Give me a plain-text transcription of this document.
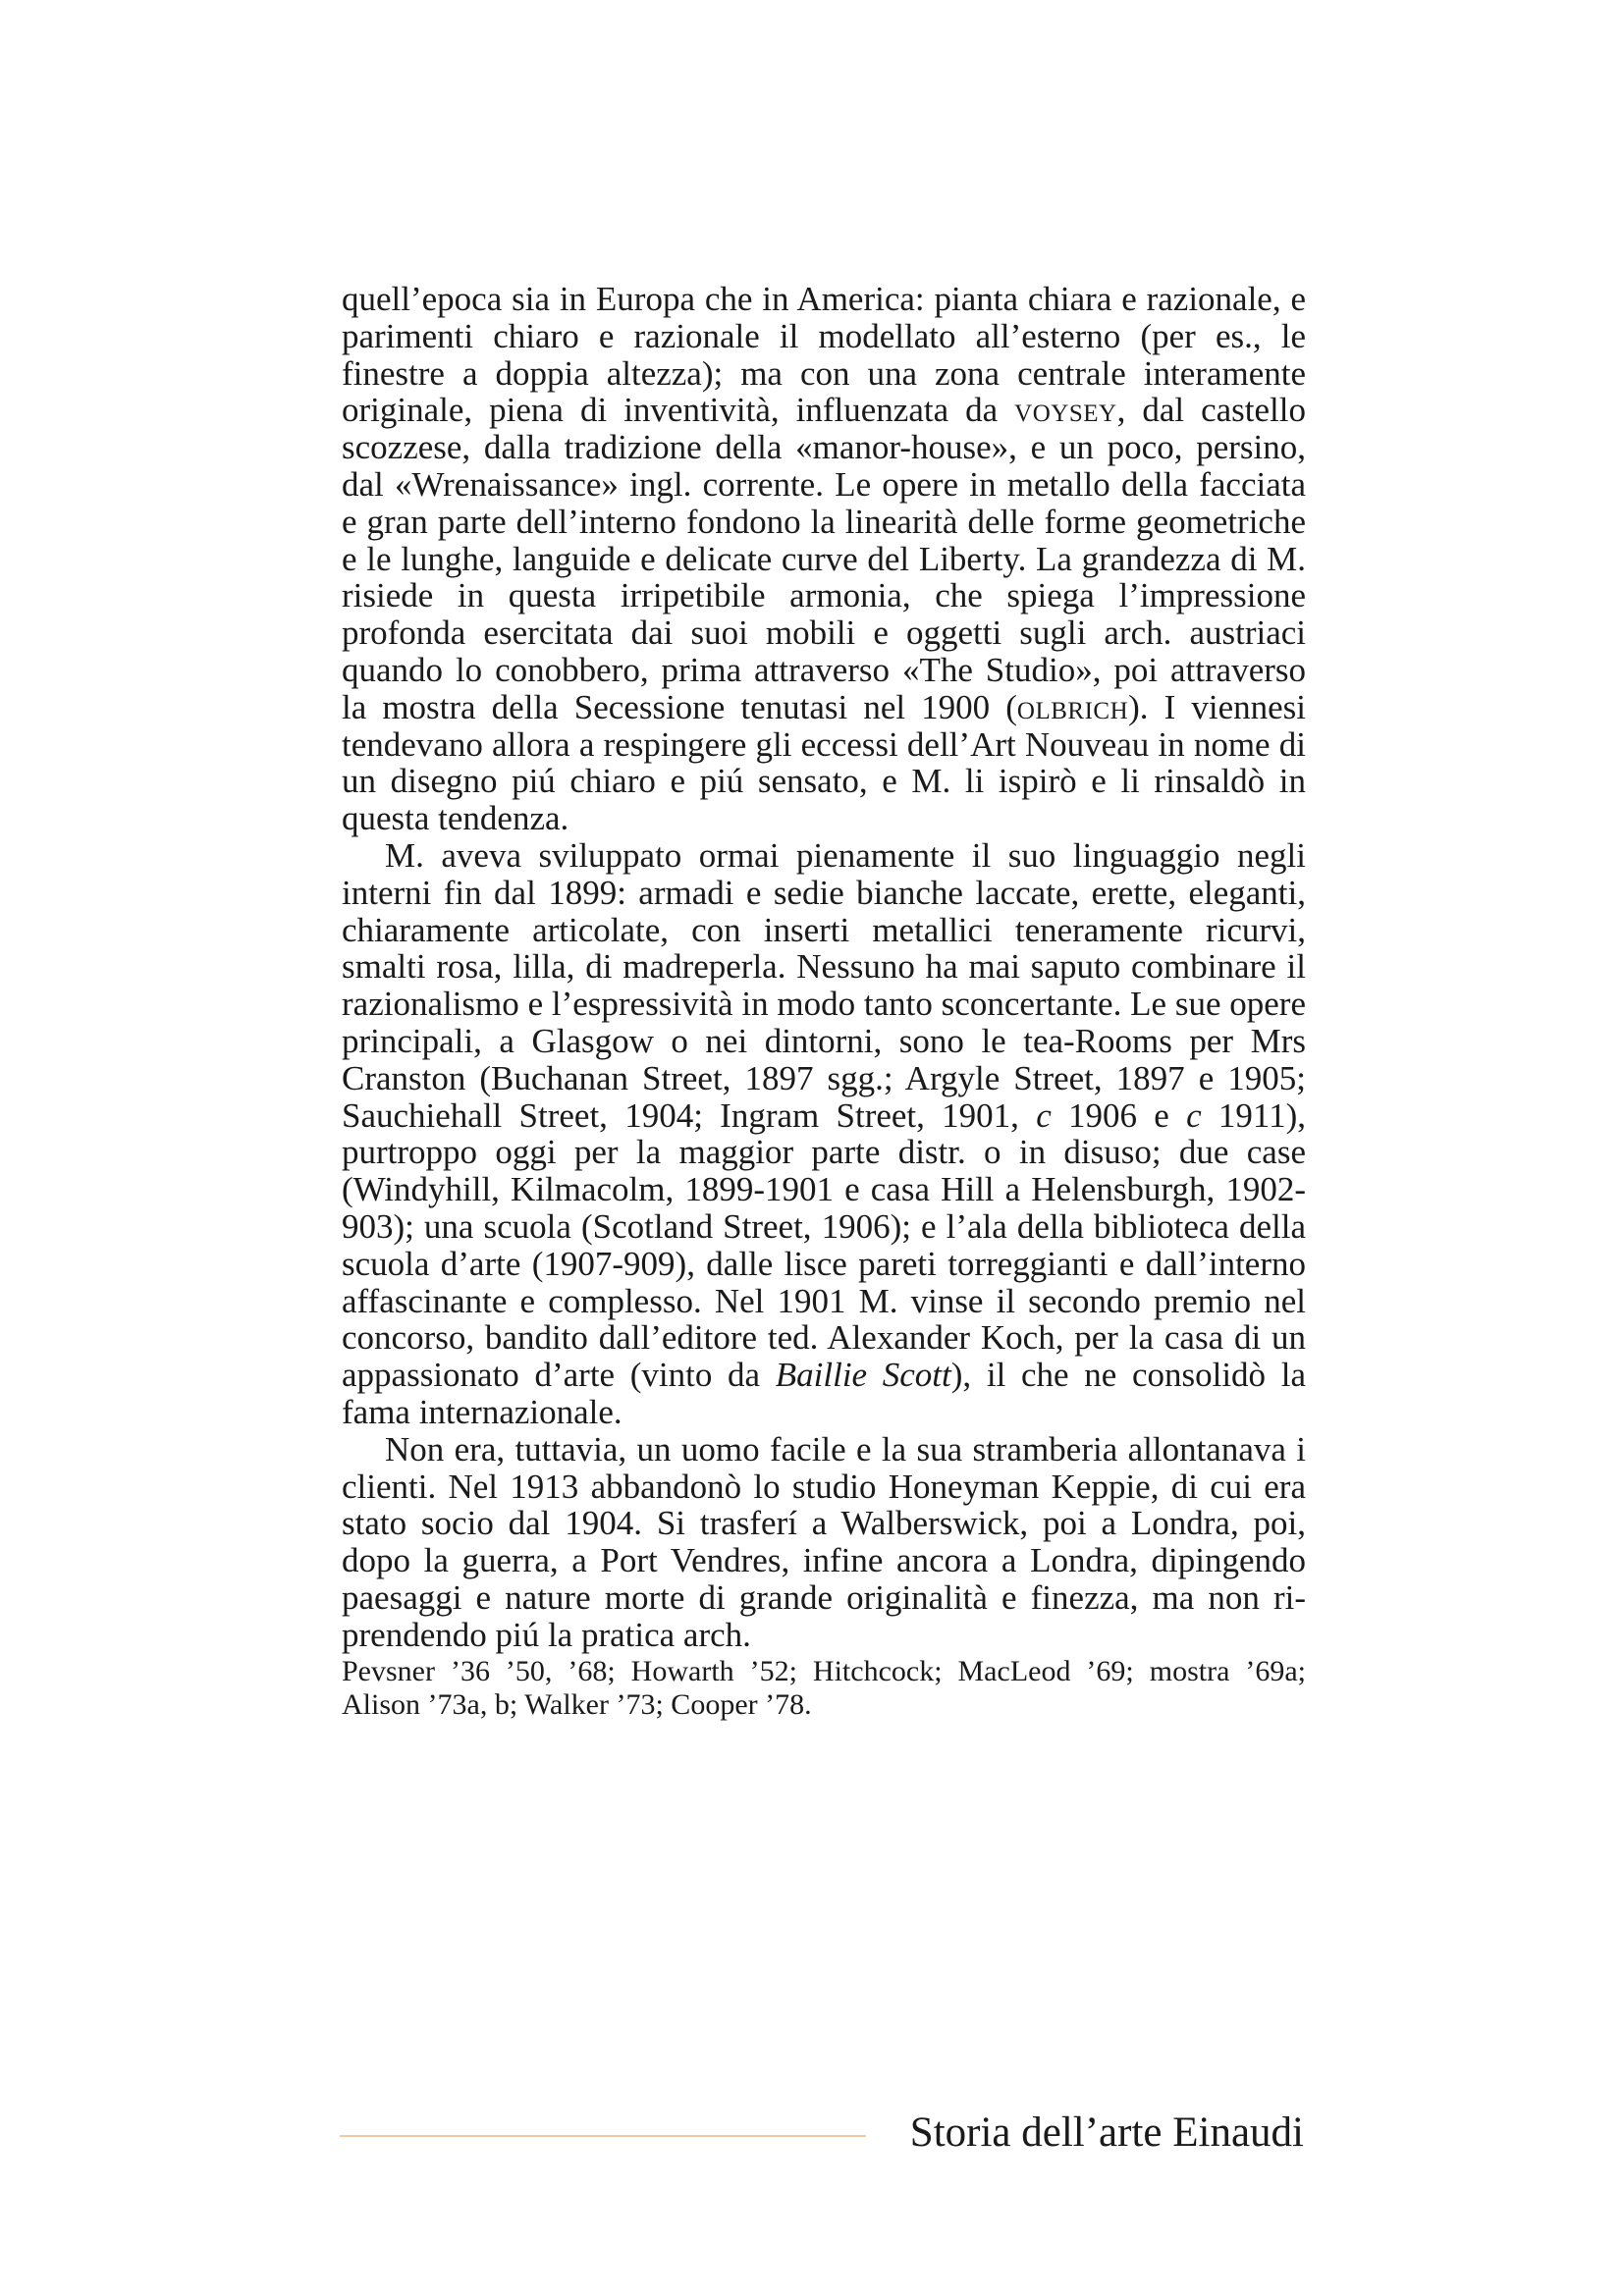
quell’epoca sia in Europa che in America: pianta chiara e razionale, e parimenti chiaro e razionale il modellato all’esterno (per es., le finestre a doppia altezza); ma con una zona centrale interamente originale, piena di inventività, influenzata da voysey, dal castello scozzese, dalla tradizione della «manor-house», e un poco, persino, dal «Wrenaissance» ingl. corrente. Le opere in metallo della facciata e gran parte dell’interno fondono la linearità delle forme geometriche e le lunghe, languide e delicate curve del Liberty. La grandezza di M. risiede in questa irripetibile armonia, che spiega l’impressione profonda esercitata dai suoi mobili e oggetti sugli arch. austriaci quando lo conobbero, prima attraverso «The Studio», poi attraverso la mostra della Secessione tenutasi nel 1900 (olbrich). I viennesi tendevano allora a respingere gli eccessi dell’Art Nouveau in nome di un disegno piú chiaro e piú sensato, e M. li ispirò e li rinsaldò in questa tendenza.

M. aveva sviluppato ormai pienamente il suo linguaggio negli interni fin dal 1899: armadi e sedie bianche laccate, erette, eleganti, chiaramente articolate, con inserti metallici teneramente ricurvi, smalti rosa, lilla, di madreperla. Nessuno ha mai saputo combinare il razionalismo e l’espressività in modo tanto sconcertante. Le sue opere principali, a Glasgow o nei dintorni, sono le tea-Rooms per Mrs Cranston (Buchanan Street, 1897 sgg.; Argyle Street, 1897 e 1905; Sauchiehall Street, 1904; Ingram Street, 1901, c 1906 e c 1911), purtroppo oggi per la maggior parte distr. o in disuso; due case (Windyhill, Kilmacolm, 1899-1901 e casa Hill a Helensburgh, 1902-903); una scuola (Scotland Street, 1906); e l’ala della biblioteca della scuola d’arte (1907-909), dalle lisce pareti torreggianti e dall’interno affascinante e complesso. Nel 1901 M. vinse il secondo premio nel concorso, bandito dall’editore ted. Alexander Koch, per la casa di un appassionato d’arte (vinto da Baillie Scott), il che ne consolidò la fama internazionale.

Non era, tuttavia, un uomo facile e la sua stramberia allontanava i clienti. Nel 1913 abbandonò lo studio Honeyman Keppie, di cui era stato socio dal 1904. Si trasferí a Walberswick, poi a Londra, poi, dopo la guerra, a Port Vendres, infine ancora a Londra, dipingendo paesaggi e nature morte di grande originalità e finezza, ma non riprendendo piú la pratica arch.

Pevsner ’36 ’50, ’68; Howarth ’52; Hitchcock; MacLeod ’69; mostra ’69a; Alison ’73a, b; Walker ’73; Cooper ’78.

Storia dell’arte Einaudi
